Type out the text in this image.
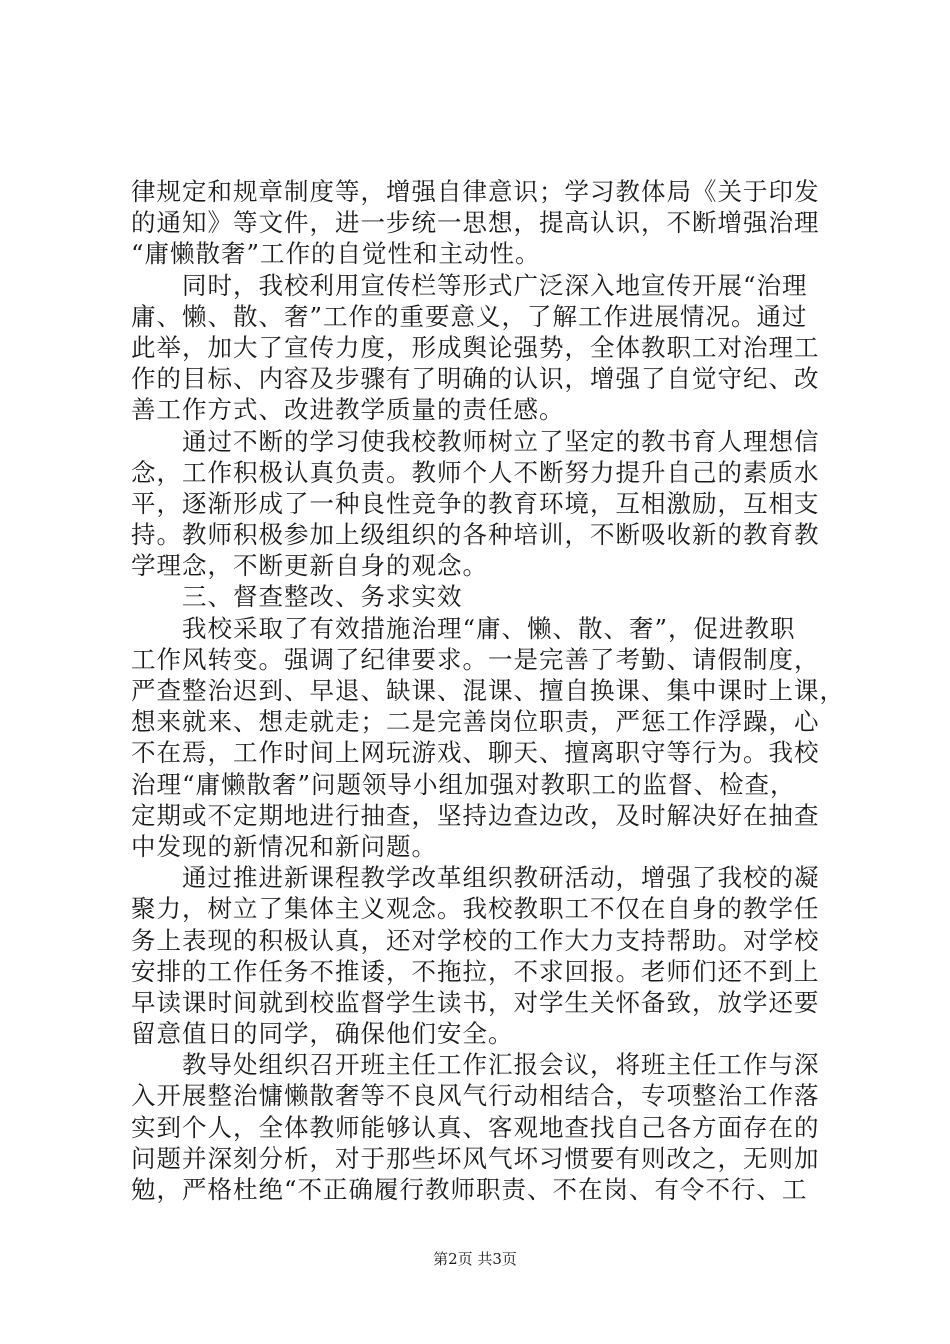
律规定和规章制度等，增强自律意识；学习教体局《关于印发
的通知》等文件，进一步统一思想，提高认识，不断增强治理
“庸懒散奢”工作的自觉性和主动性。
　　同时，我校利用宣传栏等形式广泛深入地宣传开展“治理
庸、懒、散、奢”工作的重要意义，了解工作进展情况。通过
此举，加大了宣传力度，形成舆论强势，全体教职工对治理工
作的目标、内容及步骤有了明确的认识，增强了自觉守纪、改
善工作方式、改进教学质量的责任感。
　　通过不断的学习使我校教师树立了坚定的教书育人理想信
念，工作积极认真负责。教师个人不断努力提升自己的素质水
平，逐渐形成了一种良性竞争的教育环境，互相激励，互相支
持。教师积极参加上级组织的各种培训，不断吸收新的教育教
学理念，不断更新自身的观念。
　　三、督查整改、务求实效
　　我校采取了有效措施治理“庸、懒、散、奢”，促进教职
工作风转变。强调了纪律要求。一是完善了考勤、请假制度，
严查整治迟到、早退、缺课、混课、擅自换课、集中课时上课，
想来就来、想走就走；二是完善岗位职责，严惩工作浮躁，心
不在焉，工作时间上网玩游戏、聊天、擅离职守等行为。我校
治理“庸懒散奢”问题领导小组加强对教职工的监督、检查，
定期或不定期地进行抽查，坚持边查边改，及时解决好在抽查
中发现的新情况和新问题。
　　通过推进新课程教学改革组织教研活动，增强了我校的凝
聚力，树立了集体主义观念。我校教职工不仅在自身的教学任
务上表现的积极认真，还对学校的工作大力支持帮助。对学校
安排的工作任务不推诿，不拖拉，不求回报。老师们还不到上
早读课时间就到校监督学生读书，对学生关怀备致，放学还要
留意值日的同学，确保他们安全。
　　教导处组织召开班主任工作汇报会议，将班主任工作与深
入开展整治慵懒散奢等不良风气行动相结合，专项整治工作落
实到个人，全体教师能够认真、客观地查找自己各方面存在的
问题并深刻分析，对于那些坏风气坏习惯要有则改之，无则加
勉，严格杜绝“不正确履行教师职责、不在岗、有令不行、工
第2页 共3页
